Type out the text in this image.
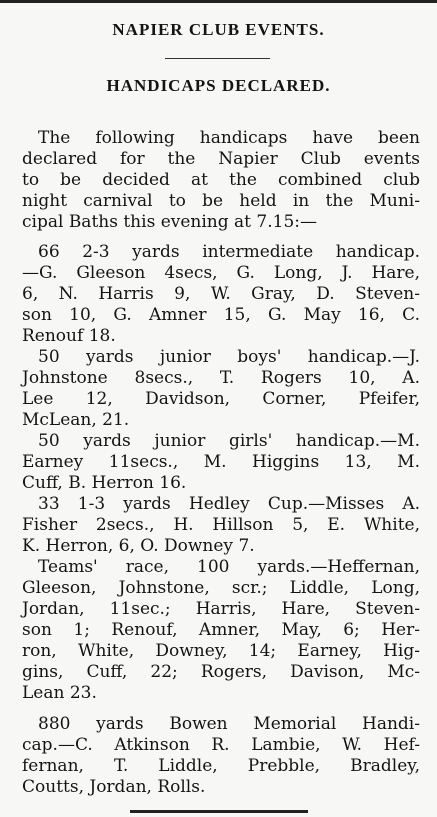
NAPIER CLUB EVENTS.
HANDICAPS DECLARED.
The following handicaps have been
declared for the Napier Club events
to be decided at the combined club
night carnival to be held in the Muni-
cipal Baths this evening at 7.15:—
66 2-3 yards intermediate handicap.
—G. Gleeson 4secs, G. Long, J. Hare,
6, N. Harris 9, W. Gray, D. Steven-
son 10, G. Amner 15, G. May 16, C.
Renouf 18.
50 yards junior boys' handicap.—J.
Johnstone 8secs., T. Rogers 10, A.
Lee 12, Davidson, Corner, Pfeifer,
McLean, 21.
50 yards junior girls' handicap.—M.
Earney 11secs., M. Higgins 13, M.
Cuff, B. Herron 16.
33 1-3 yards Hedley Cup.—Misses A.
Fisher 2secs., H. Hillson 5, E. White,
K. Herron, 6, O. Downey 7.
Teams' race, 100 yards.—Heffernan,
Gleeson, Johnstone, scr.; Liddle, Long,
Jordan, 11sec.; Harris, Hare, Steven-
son 1; Renouf, Amner, May, 6; Her-
ron, White, Downey, 14; Earney, Hig-
gins, Cuff, 22; Rogers, Davison, Mc-
Lean 23.
880 yards Bowen Memorial Handi-
cap.—C. Atkinson R. Lambie, W. Hef-
fernan, T. Liddle, Prebble, Bradley,
Coutts, Jordan, Rolls.
